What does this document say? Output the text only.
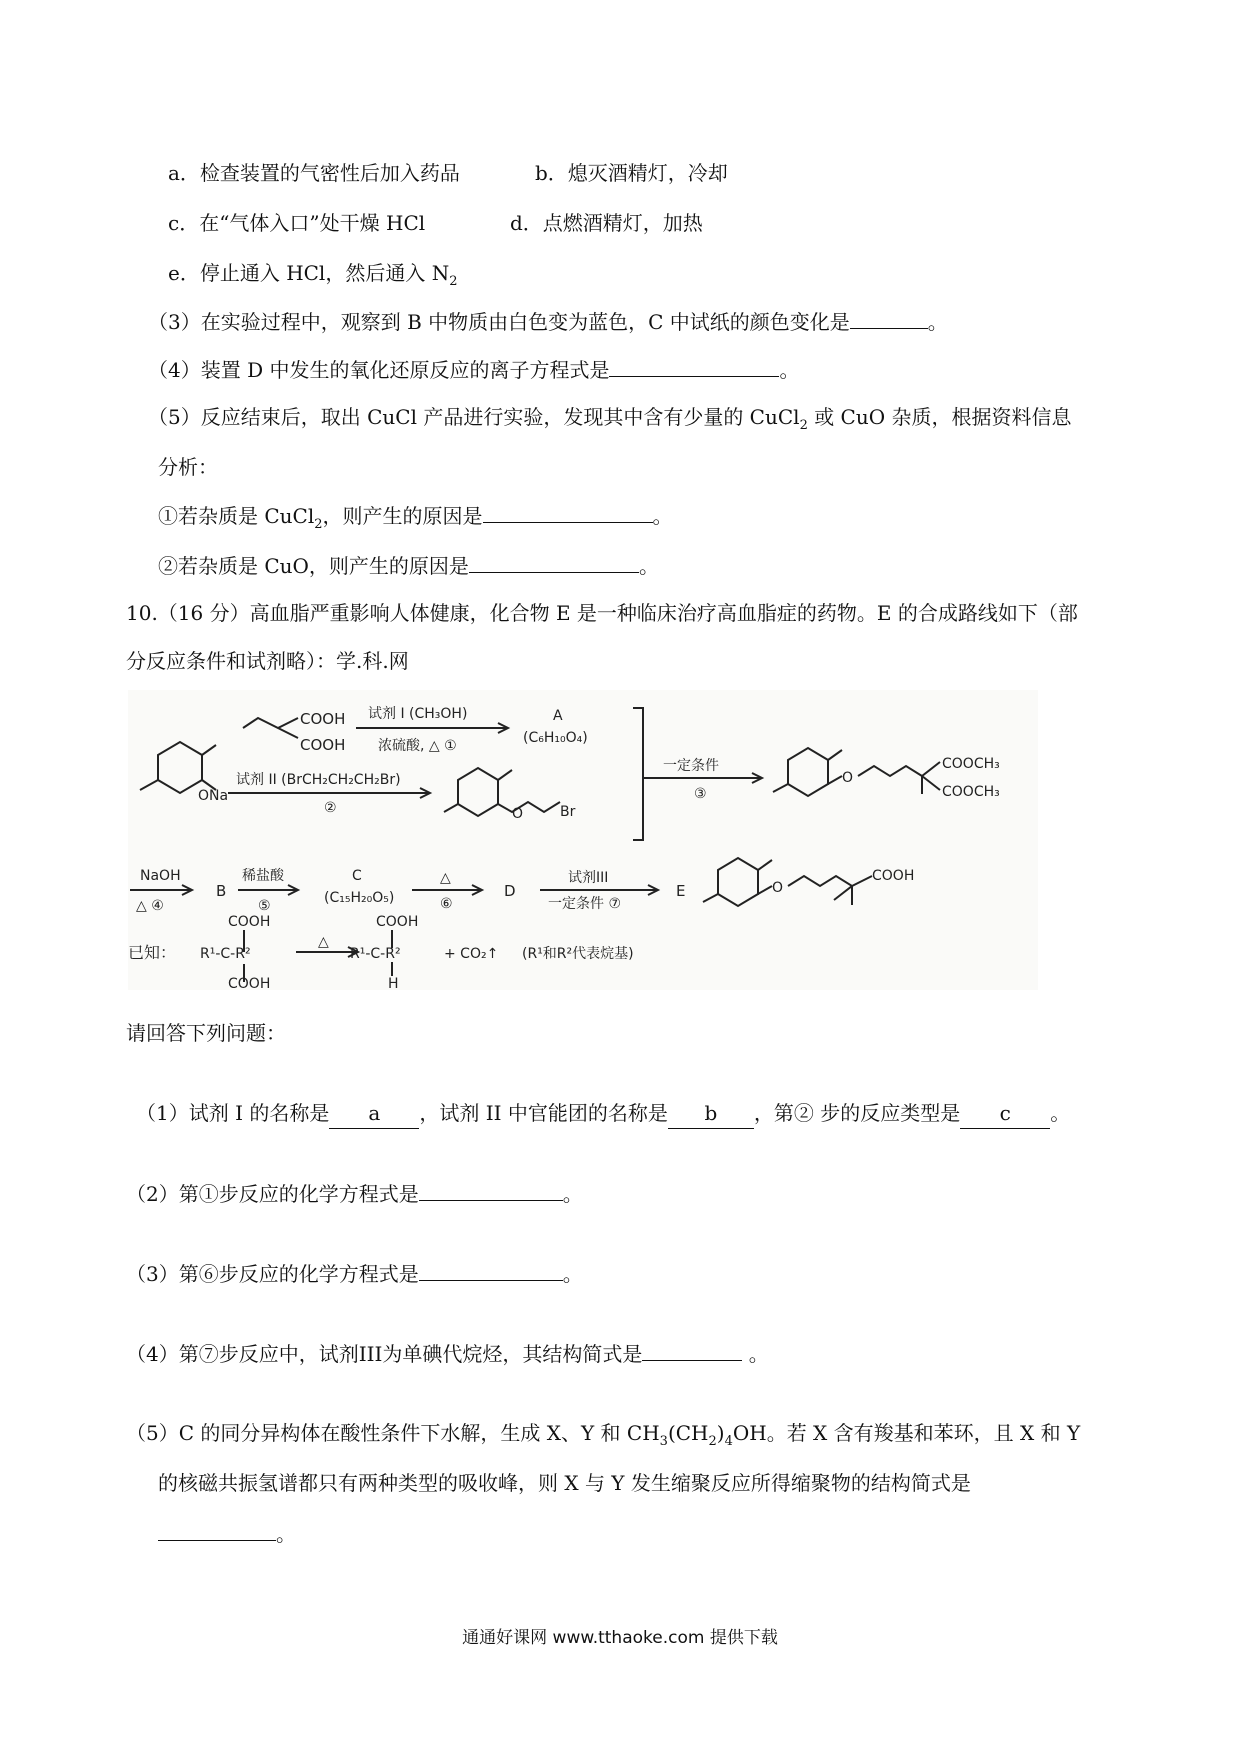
a．检查装置的气密性后加入药品	b．熄灭酒精灯，冷却
c．在“气体入口”处干燥 HCl	d．点燃酒精灯，加热
e．停止通入 HCl，然后通入 $N_2$
（3）在实验过程中，观察到 B 中物质由白色变为蓝色，C 中试纸的颜色变化是	。
（4）装置 D 中发生的氧化还原反应的离子方程式是	。
（5）反应结束后，取出 CuCl 产品进行实验，发现其中含有少量的 CuCl$_2$ 或 CuO 杂质，根据资料信息
分析：
①若杂质是 CuCl$_2$，则产生的原因是	。
②若杂质是 CuO，则产生的原因是	。
10.（16 分）高血脂严重影响人体健康，化合物 E 是一种临床治疗高血脂症的药物。E 的合成路线如下（部
分反应条件和试剂略）：学.科.网
COOH
COOH
试剂 I (CH₃OH)
浓硫酸, △ ①
A
(C₆H₁₀O₄)
ONa
试剂 II (BrCH₂CH₂CH₂Br)
②	Br
O
一定条件
③
O
COOCH₃
COOCH₃
NaOH
△ ④
B
稀盐酸
⑤
C
(C₁₅H₂₀O₅)
△
⑥
D
试剂III
一定条件 ⑦
E	O
COOH
已知：
COOH
R¹-C-R²
COOH
△
COOH
R¹-C-R²
H
+ CO₂↑ (R¹和R²代表烷基)
请回答下列问题：
（1）试剂 I 的名称是 a ，试剂 II 中官能团的名称是 b ，第② 步的反应类型是 c 。
（2）第①步反应的化学方程式是	。
（3）第⑥步反应的化学方程式是	。
（4）第⑦步反应中，试剂III为单碘代烷烃，其结构简式是	。
（5）C 的同分异构体在酸性条件下水解，生成 X、Y 和 $CH_3(CH_2)_4OH$。若 X 含有羧基和苯环，且 X 和 Y
的核磁共振氢谱都只有两种类型的吸收峰，则 X 与 Y 发生缩聚反应所得缩聚物的结构简式是
。
通通好课网 www.tthaoke.com 提供下载
